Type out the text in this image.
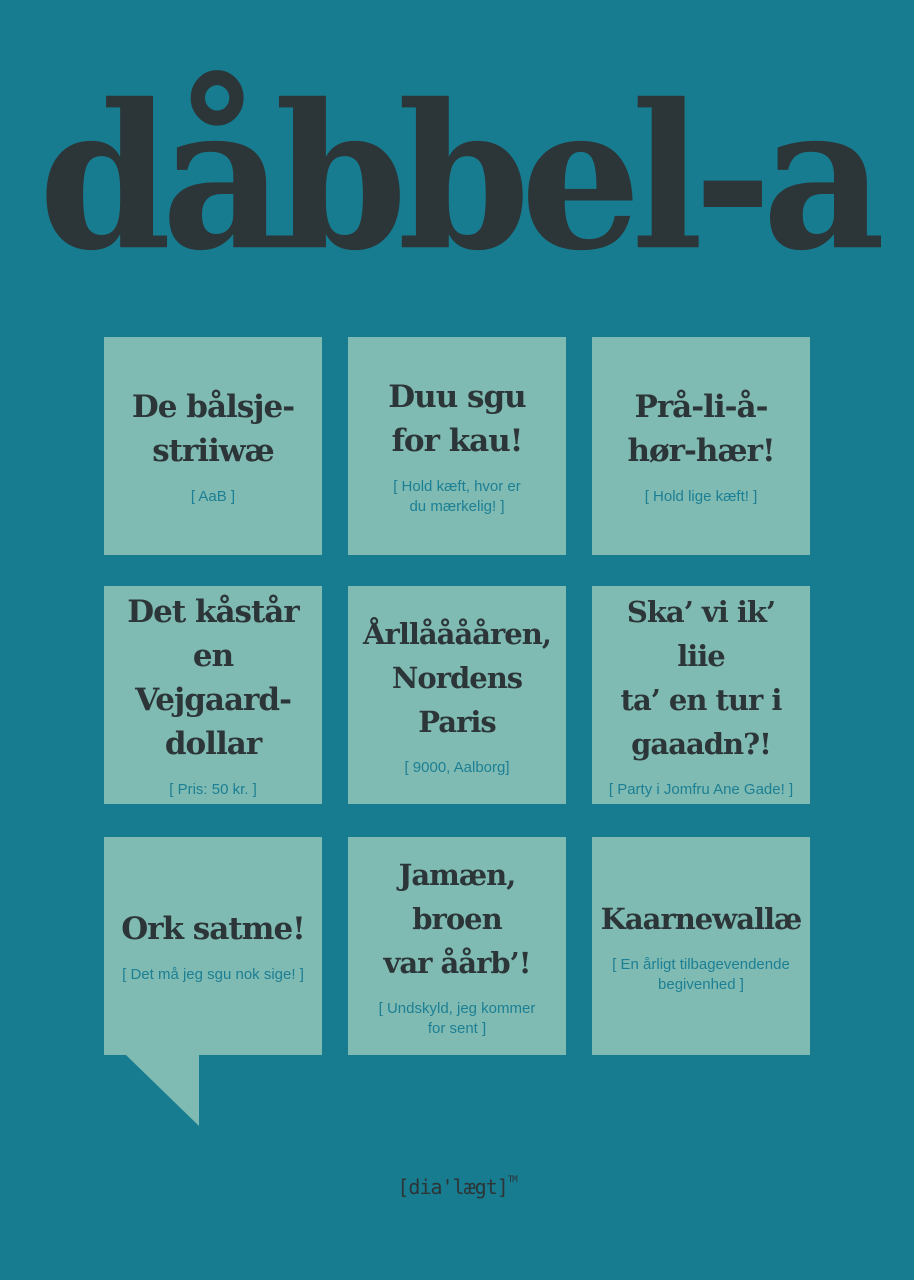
dåbbel-a
De bålsje-
striiwæ
[ AaB ]
Duu sgu
for kau!
[ Hold kæft, hvor er
du mærkelig! ]
Prå-li-å-
hør-hær!
[ Hold lige kæft! ]
Det kåstår en
Vejgaard-
dollar
[ Pris: 50 kr. ]
Årllååååren,
Nordens Paris
[ 9000, Aalborg]
Ska’ vi ik’ liie
ta’ en tur i
gaaadn?!
[ Party i Jomfru Ane Gade! ]
Ork satme!
[ Det må jeg sgu nok sige! ]
Jamæn, broen
var åårb’!
[ Undskyld, jeg kommer
for sent ]
Kaarnewallæ
[ En årligt tilbagevendende
begivenhed ]
[dia'lægt]™
